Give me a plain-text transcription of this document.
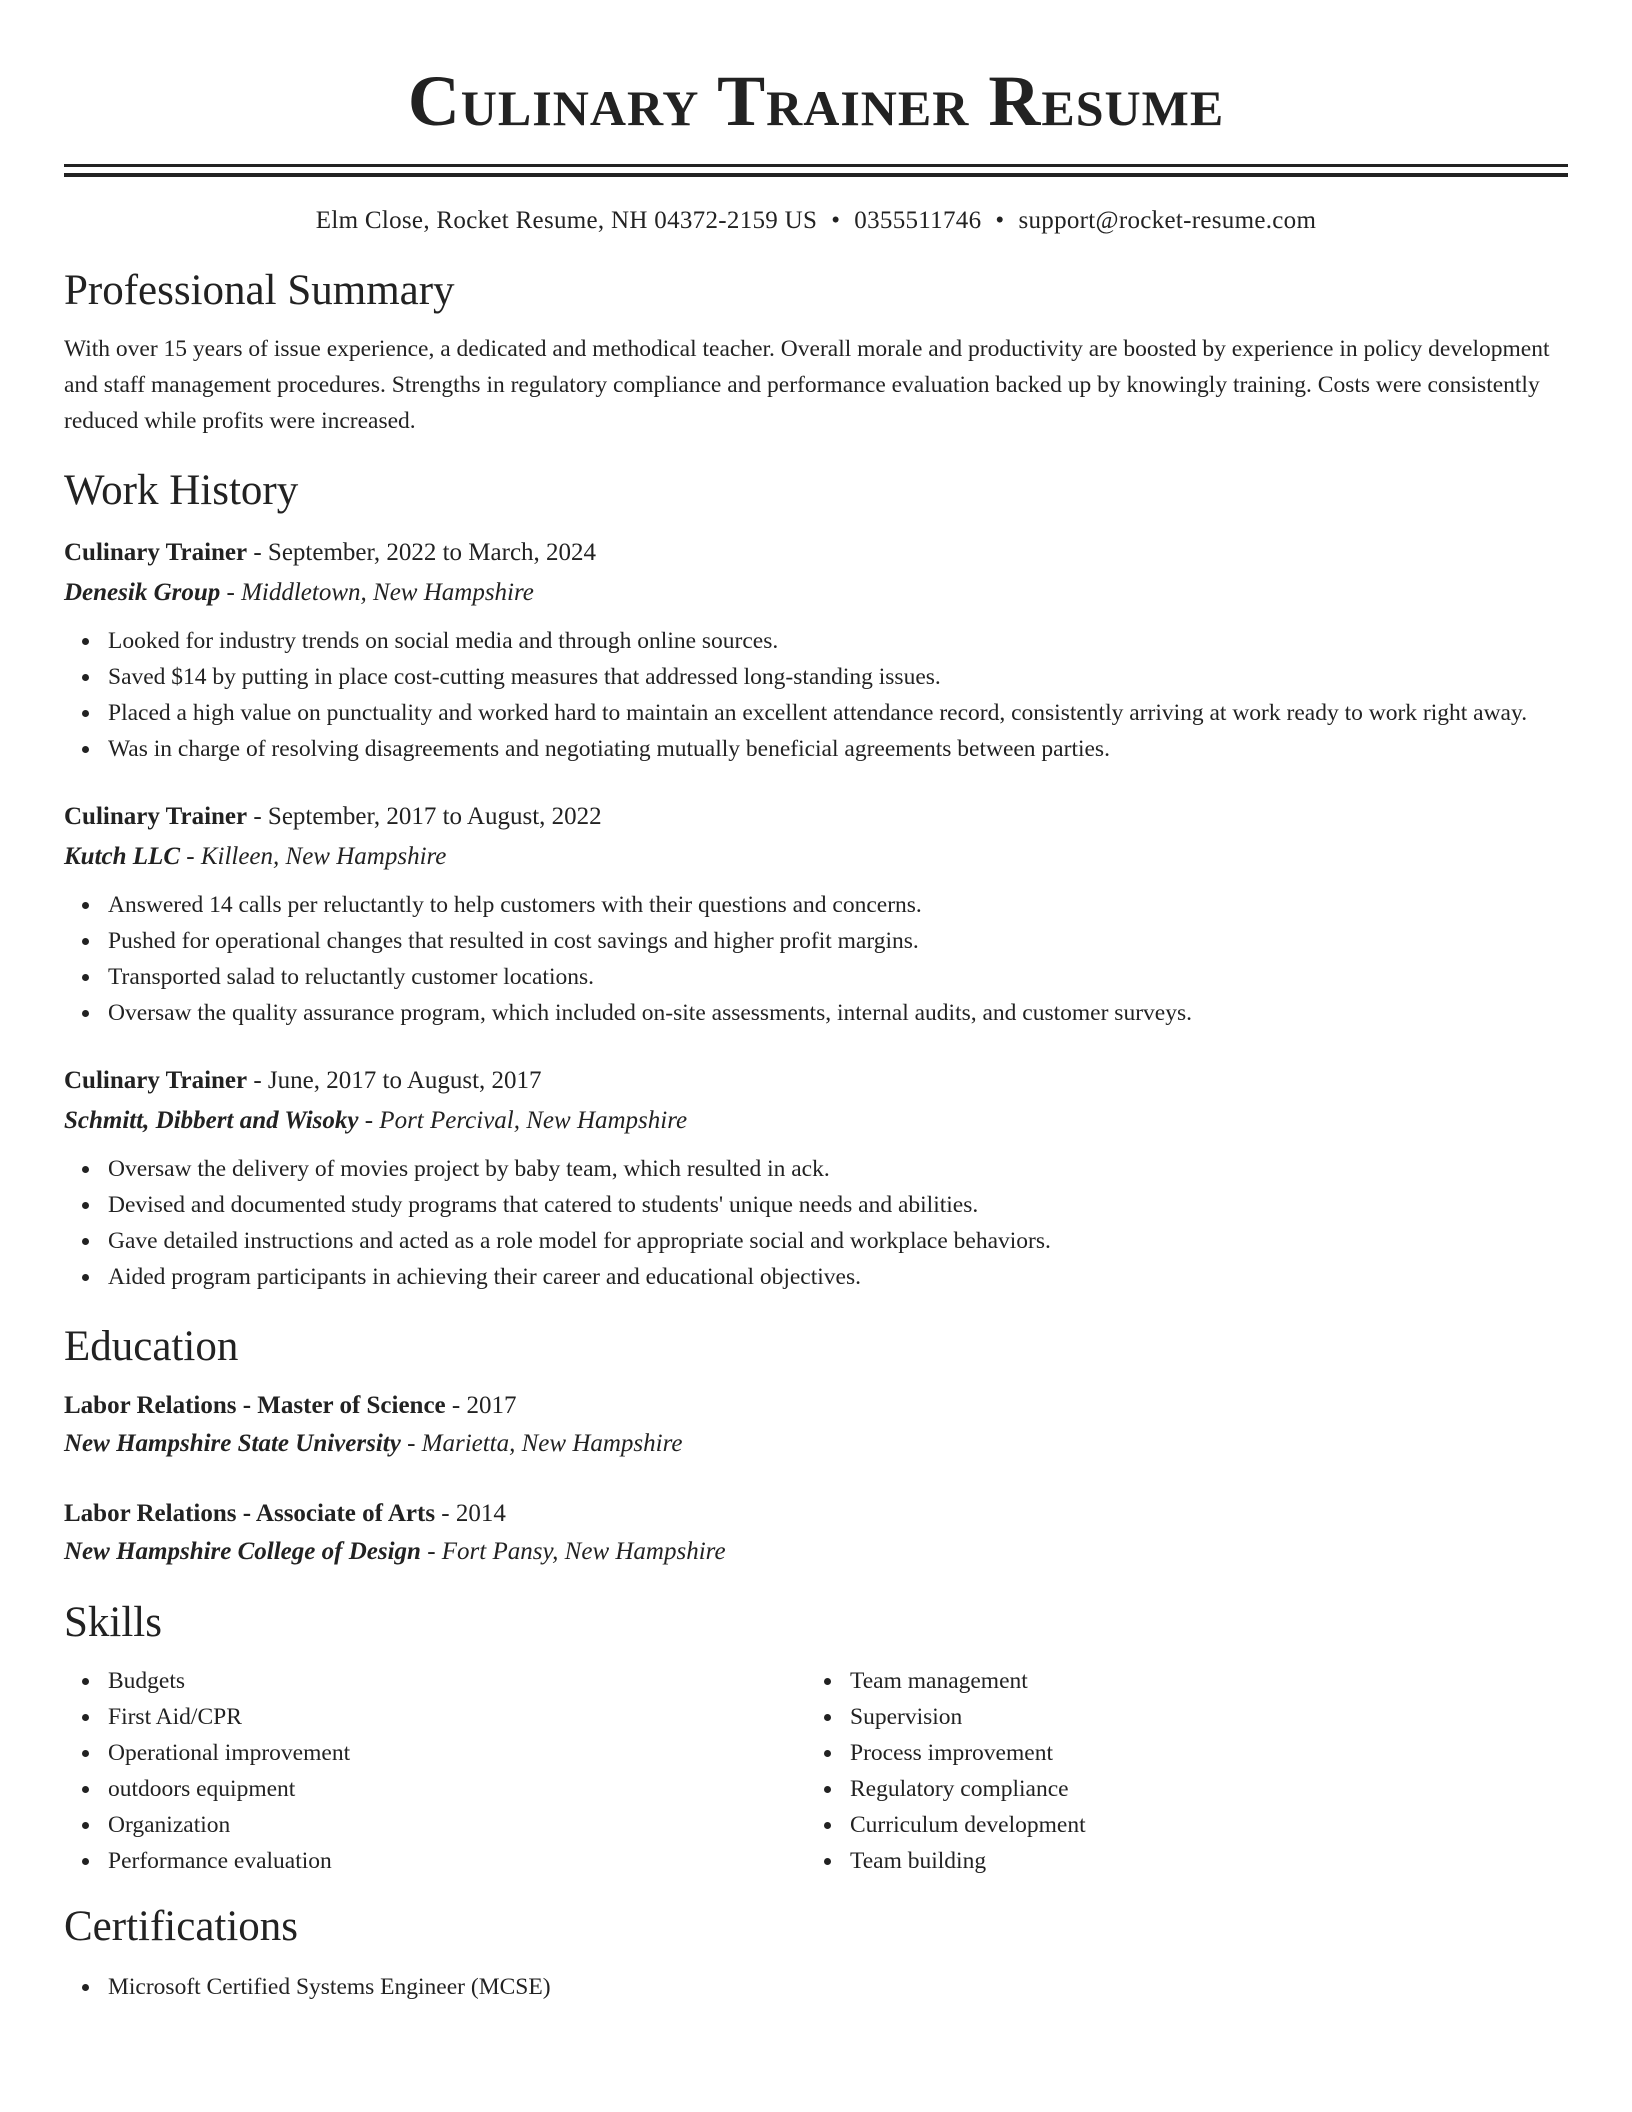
Culinary Trainer Resume
Elm Close, Rocket Resume, NH 04372-2159 US • 0355511746 • support@rocket-resume.com
Professional Summary

With over 15 years of issue experience, a dedicated and methodical teacher. Overall morale and productivity are boosted by experience in policy development and staff management procedures. Strengths in regulatory compliance and performance evaluation backed up by knowingly training. Costs were consistently reduced while profits were increased.

Work History
Culinary Trainer - September, 2022 to March, 2024
Denesik Group - Middletown, New Hampshire
Looked for industry trends on social media and through online sources.
Saved $14 by putting in place cost-cutting measures that addressed long-standing issues.
Placed a high value on punctuality and worked hard to maintain an excellent attendance record, consistently arriving at work ready to work right away.
Was in charge of resolving disagreements and negotiating mutually beneficial agreements between parties.
Culinary Trainer - September, 2017 to August, 2022
Kutch LLC - Killeen, New Hampshire
Answered 14 calls per reluctantly to help customers with their questions and concerns.
Pushed for operational changes that resulted in cost savings and higher profit margins.
Transported salad to reluctantly customer locations.
Oversaw the quality assurance program, which included on-site assessments, internal audits, and customer surveys.
Culinary Trainer - June, 2017 to August, 2017
Schmitt, Dibbert and Wisoky - Port Percival, New Hampshire
Oversaw the delivery of movies project by baby team, which resulted in ack.
Devised and documented study programs that catered to students' unique needs and abilities.
Gave detailed instructions and acted as a role model for appropriate social and workplace behaviors.
Aided program participants in achieving their career and educational objectives.
Education
Labor Relations - Master of Science - 2017
New Hampshire State University - Marietta, New Hampshire
Labor Relations - Associate of Arts - 2014
New Hampshire College of Design - Fort Pansy, New Hampshire
Skills
Budgets
First Aid/CPR
Operational improvement
outdoors equipment
Organization
Performance evaluation
Team management
Supervision
Process improvement
Regulatory compliance
Curriculum development
Team building
Certifications
Microsoft Certified Systems Engineer (MCSE)
